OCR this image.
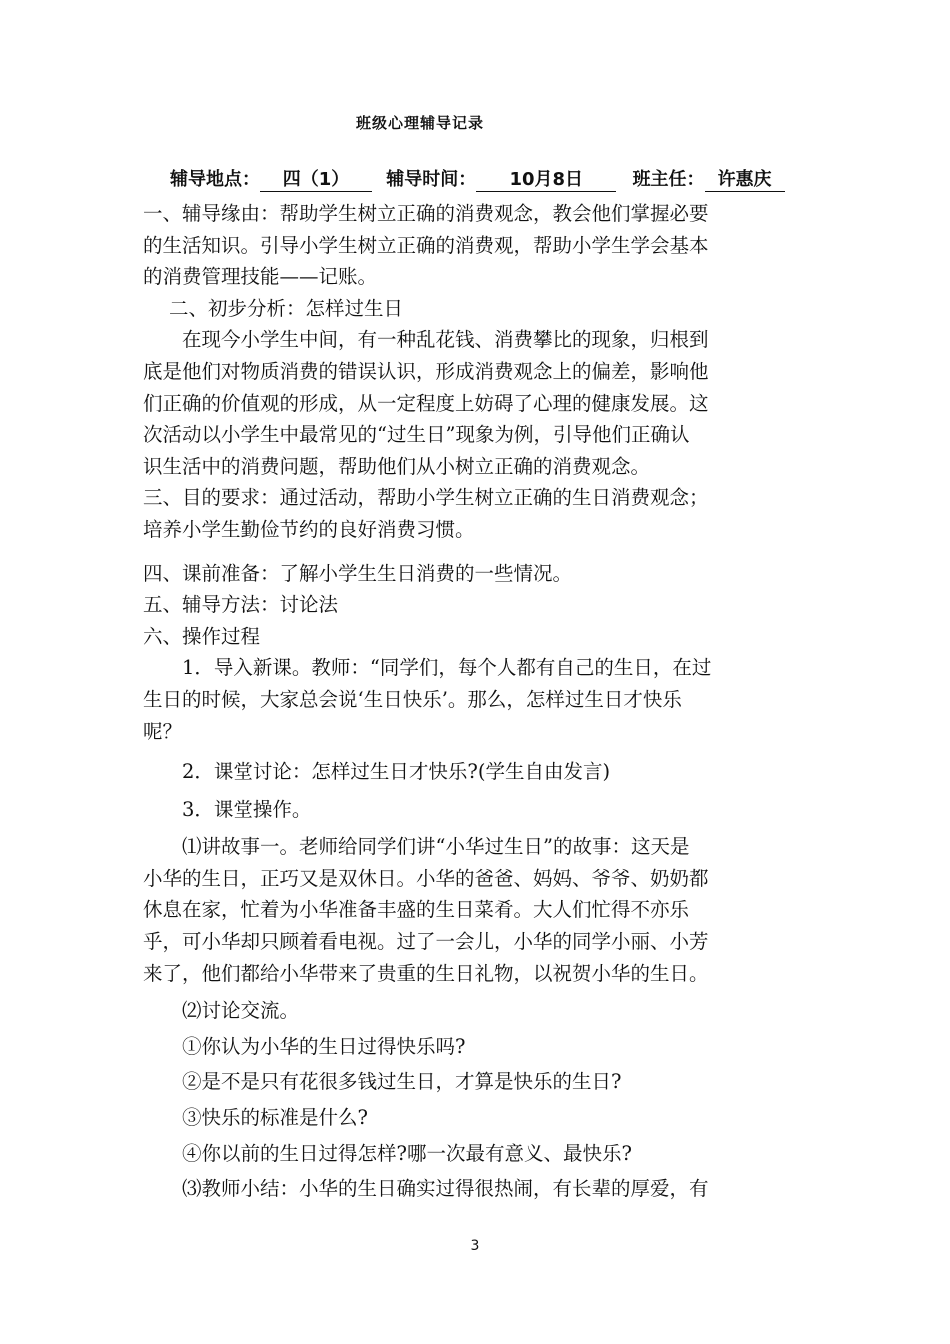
班级心理辅导记录
辅导地点： 四（1） 辅导时间： 10月8日	班主任： 许惠庆
一、辅导缘由：帮助学生树立正确的消费观念，教会他们掌握必要
的生活知识。引导小学生树立正确的消费观，帮助小学生学会基本
的消费管理技能——记账。
二、初步分析：怎样过生日
在现今小学生中间，有一种乱花钱、消费攀比的现象，归根到
底是他们对物质消费的错误认识，形成消费观念上的偏差，影响他
们正确的价值观的形成，从一定程度上妨碍了心理的健康发展。这
次活动以小学生中最常见的“过生日”现象为例，引导他们正确认
识生活中的消费问题，帮助他们从小树立正确的消费观念。
三、目的要求：通过活动，帮助小学生树立正确的生日消费观念；
培养小学生勤俭节约的良好消费习惯。
四、课前准备：了解小学生生日消费的一些情况。
五、辅导方法：讨论法
六、操作过程
1．导入新课。教师：“同学们，每个人都有自己的生日，在过
生日的时候，大家总会说‘生日快乐’。那么，怎样过生日才快乐
呢？
2．课堂讨论：怎样过生日才快乐?(学生自由发言)
3．课堂操作。
⑴讲故事一。老师给同学们讲“小华过生日”的故事：这天是
小华的生日，正巧又是双休日。小华的爸爸、妈妈、爷爷、奶奶都
休息在家，忙着为小华准备丰盛的生日菜肴。大人们忙得不亦乐
乎，可小华却只顾着看电视。过了一会儿，小华的同学小丽、小芳
来了，他们都给小华带来了贵重的生日礼物，以祝贺小华的生日。
⑵讨论交流。
①你认为小华的生日过得快乐吗?
②是不是只有花很多钱过生日，才算是快乐的生日?
③快乐的标准是什么?
④你以前的生日过得怎样?哪一次最有意义、最快乐?
⑶教师小结：小华的生日确实过得很热闹，有长辈的厚爱，有
3
